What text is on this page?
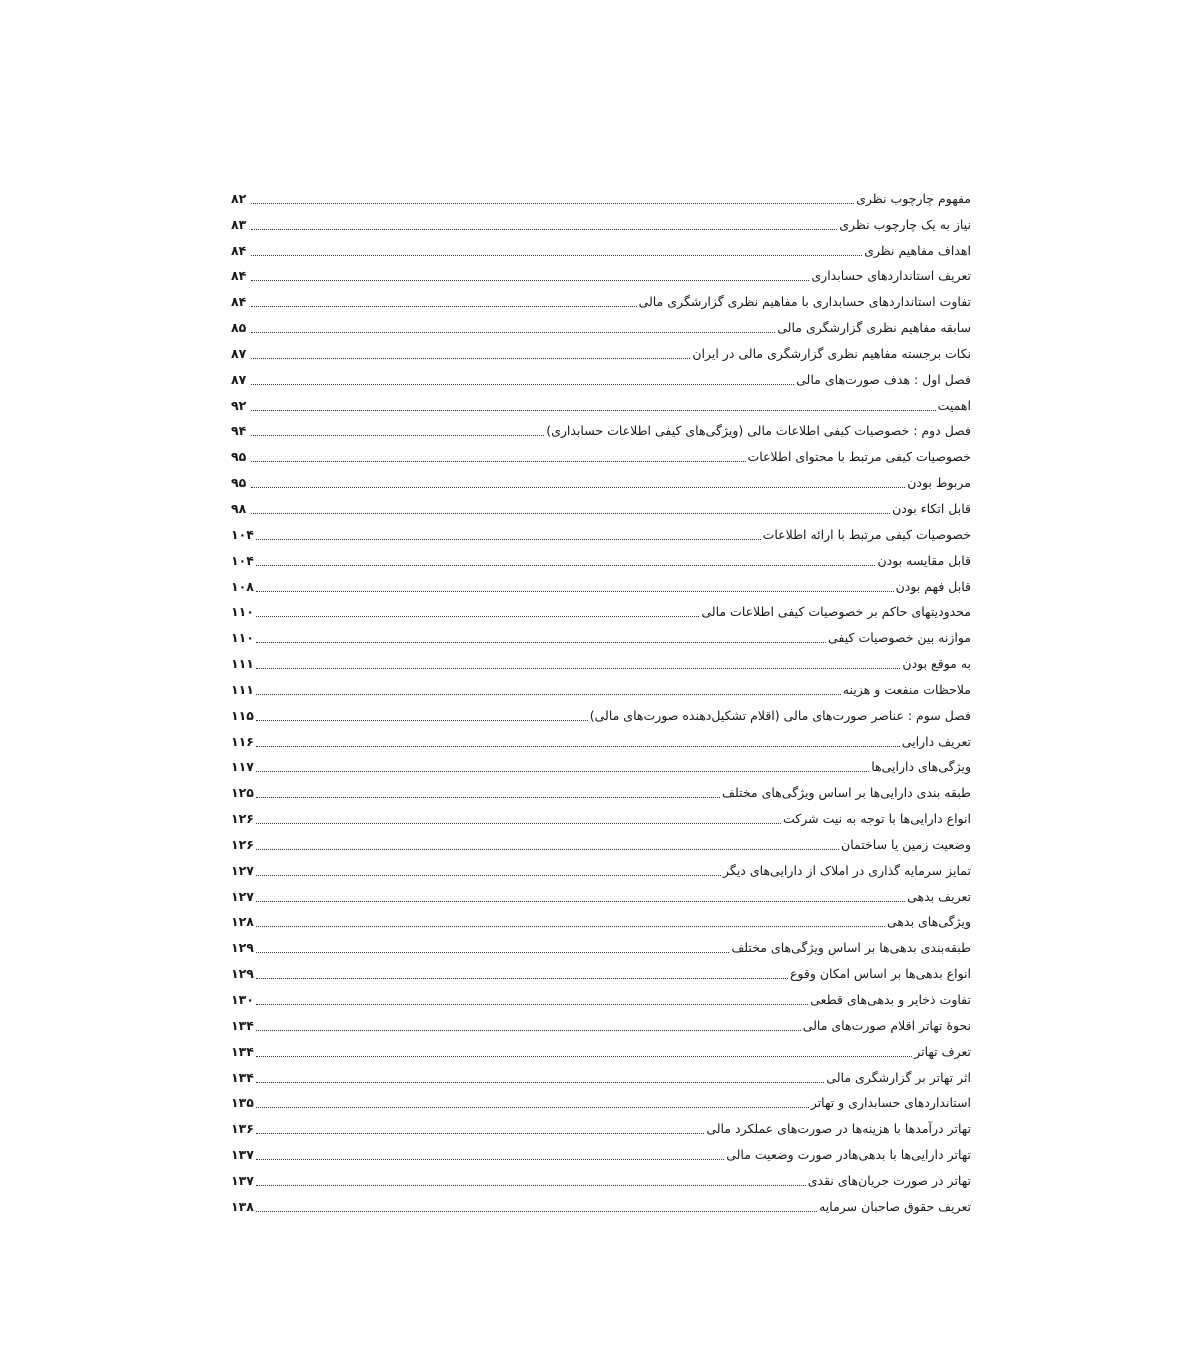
مفهوم چارچوب نظری
۸۲
نیاز به یک چارچوب نظری
۸۳
اهداف مفاهیم نظری
۸۴
تعریف استانداردهای حسابداری
۸۴
تفاوت استانداردهای حسابداری با مفاهیم نظری گزارشگری مالی
۸۴
سابقه مفاهیم نظری گزارشگری مالی
۸۵
نکات برجسته مفاهیم نظری گزارشگری مالی در ایران
۸۷
فصل اول : هدف صورت‌های مالی
۸۷
اهمیت
۹۲
فصل دوم : خصوصیات کیفی اطلاعات مالی (ویژگی‌های کیفی اطلاعات حسابداری)
۹۴
خصوصیات کیفی مرتبط با محتوای اطلاعات
۹۵
مربوط بودن
۹۵
قابل اتکاء بودن
۹۸
خصوصیات کیفی مرتبط با ارائه اطلاعات
۱۰۴
قابل مقایسه بودن
۱۰۴
قابل فهم بودن
۱۰۸
محدودیتهای حاکم بر خصوصیات کیفی اطلاعات مالی
۱۱۰
موازنه بین خصوصیات کیفی
۱۱۰
به موقع بودن
۱۱۱
ملاحظات منفعت و هزینه
۱۱۱
فصل سوم : عناصر صورت‌های مالی (اقلام تشکیل‌دهنده صورت‌های مالی)
۱۱۵
تعریف دارایی
۱۱۶
ویژگی‌های دارایی‌ها
۱۱۷
طبقه بندی دارایی‌ها بر اساس ویژگی‌های مختلف
۱۲۵
انواع دارایی‌ها با توجه به نیت شرکت
۱۲۶
وضعیت زمین یا ساختمان
۱۲۶
تمایز سرمایه گذاری در املاک از دارایی‌های دیگر
۱۲۷
تعریف بدهی
۱۲۷
ویژگی‌های بدهی
۱۲۸
طبقه‌بندی بدهی‌ها بر اساس ویژگی‌های مختلف
۱۲۹
انواع بدهی‌ها بر اساس امکان وقوع
۱۲۹
تفاوت ذخایر و بدهی‌های قطعی
۱۳۰
نحوهٔ تهاتر اقلام صورت‌های مالی
۱۳۴
تعرف تهاتر
۱۳۴
اثر تهاتر بر گزارشگری مالی
۱۳۴
استانداردهای حسابداری و تهاتر
۱۳۵
تهاتر درآمدها با هزینه‌ها در صورت‌های عملکرد مالی
۱۳۶
تهاتر دارایی‌ها با بدهی‌هادر صورت وضعیت مالی
۱۳۷
تهاتر در صورت جریان‌های نقدی
۱۳۷
تعریف حقوق صاحبان سرمایه
۱۳۸
